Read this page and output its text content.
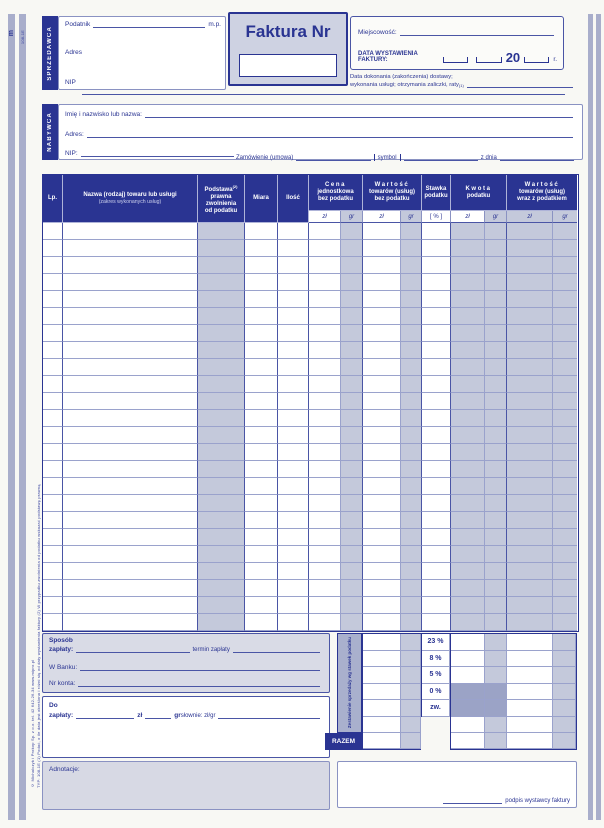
m 108-1E
© Michalczyk i Prokop Sp. z o.o. tel. 42 642-26-34 www.mipro.pl TYP: 108-1E (1) Podać, o ile data jest określona i różni się od daty wystawienia faktury (2) W przypadku zwolnienia od podatku wskazać podstawę prawną
SPRZEDAWCA
Podatnik	m.p.
Adres
NIP
Faktura Nr	Miejscowość:
DATA WYSTAWIENIA FAKTURY:	20	r.
Data dokonania (zakończenia) dostawy;
wykonania usługi; otrzymania zaliczki, raty (1)
NABYWCA Imię i nazwisko lub nazwa:
Adres:
NIP:
Zamówienie (umowa)	symbol	z dnia
Lp.
Nazwa (rodzaj) towaru lub usługi
(zakres wykonanych usług)
Podstawa$^{(2)}$
prawna
zwolnienia
od podatku
Miara	Ilość
Cena
jednostkowa
bez podatku
Wartość
towarów (usług)
bez podatku
Stawka
podatku
Kwota
podatku
Wartość
towarów (usług)
wraz z podatkiem
zł	gr	zł	gr	[ % ]	zł	gr	zł	gr
Sposób
zapłaty:	termin zapłaty
W Banku:
Nr konta:
Do
zapłaty:	zł	gr słownie: zł/gr	Zestawienie sprzedaży wg stawek podatku	23 %
8 %
5 %
0 %
zw.
RAZEM
Adnotacje:
podpis wystawcy faktury
